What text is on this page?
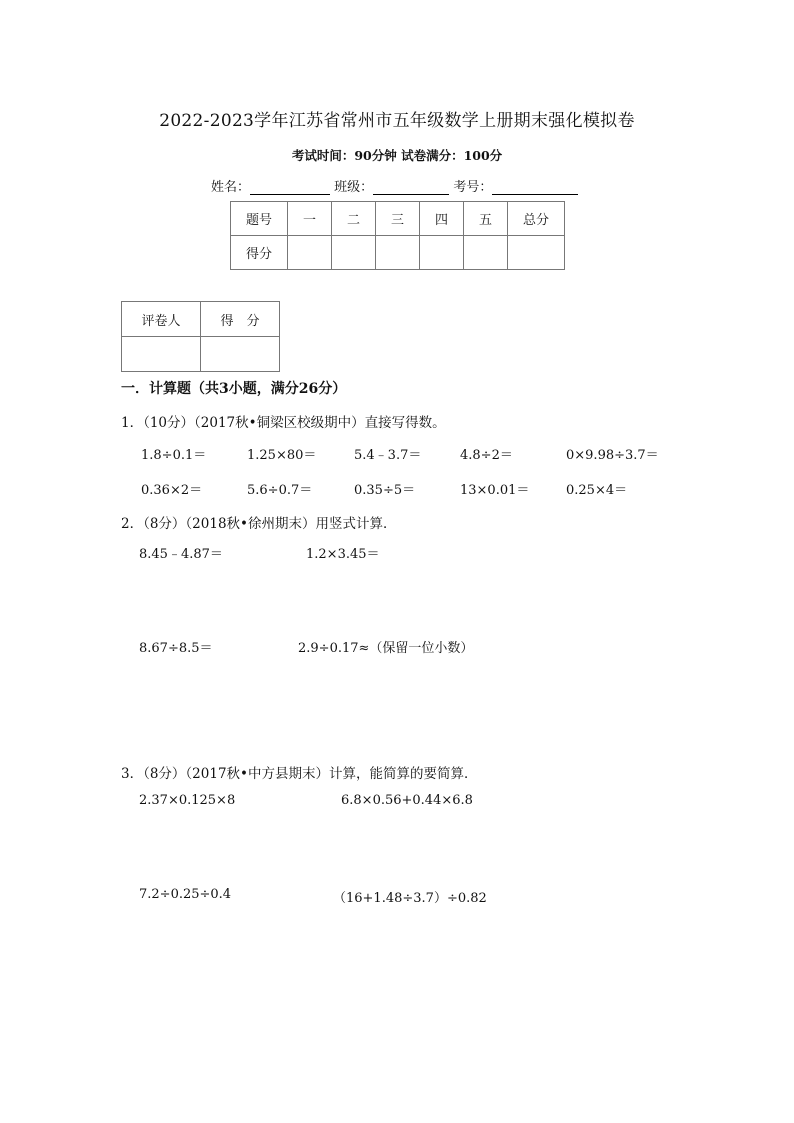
2022-2023学年江苏省常州市五年级数学上册期末强化模拟卷
考试时间：90分钟 试卷满分：100分
姓名：	班级：	考号：
题号	一	二	三	四	五	总分
得分						
评卷人	得　分

一．计算题（共3小题，满分26分）
1．（10分）（2017秋•铜梁区校级期中）直接写得数。
1.8÷0.1＝	1.25×80＝	5.4﹣3.7＝	4.8÷2＝	0×9.98÷3.7＝
0.36×2＝	5.6÷0.7＝	0.35÷5＝	13×0.01＝	0.25×4＝
2．（8分）（2018秋•徐州期末）用竖式计算．
8.45﹣4.87＝	1.2×3.45＝
8.67÷8.5＝	2.9÷0.17≈（保留一位小数）
3．（8分）（2017秋•中方县期末）计算，能简算的要简算．
2.37×0.125×8	6.8×0.56+0.44×6.8
7.2÷0.25÷0.4	（16+1.48÷3.7）÷0.82
